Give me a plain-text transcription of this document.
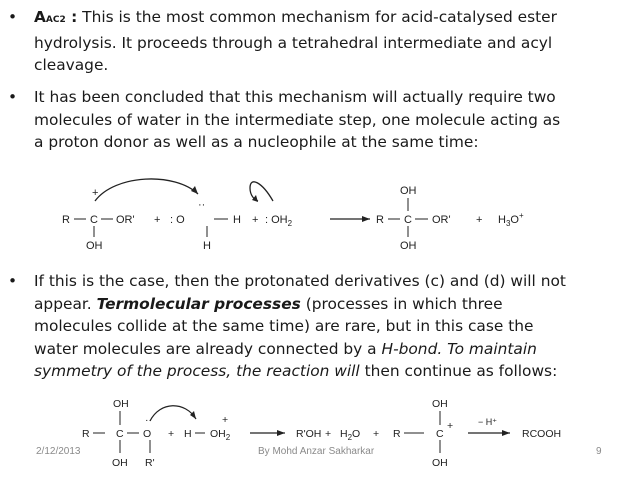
•	AAC2 : This is the most common mechanism for acid-catalysed ester hydrolysis. It proceeds through a tetrahedral intermediate and acyl cleavage.
•	It has been concluded that this mechanism will actually require two molecules of water in the intermediate step, one molecule acting as a proton donor as well as a nucleophile at the same time:
+
R C OR'
OH
+
··
: O
H
H + : $OH_2$
OH
R C OR'
OH
+ $H_3O^+$
•	If this is the case, then the protonated derivatives (c) and (d) will not appear. Termolecular processes (processes in which three molecules collide at the same time) are rare, but in this case the water molecules are already connected by a H-bond. To maintain symmetry of the process, the reaction will then continue as follows:
OH
R	C
··
O
OH R'
+ H
+
$OH_2$	$R'OH + H_2O + R$
OH
C
+
OH
− H⁺
RCOOH
2/12/2013	By Mohd Anzar Sakharkar	9
